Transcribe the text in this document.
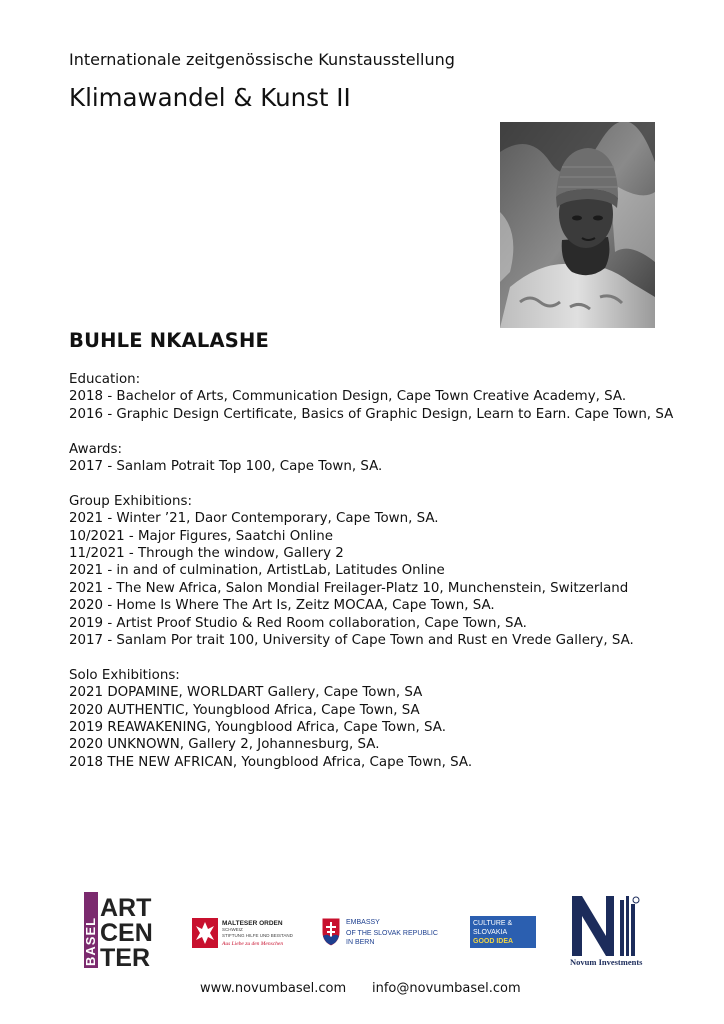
Internationale zeitgenössische Kunstausstellung
Klimawandel & Kunst II
BUHLE NKALASHE
Education:
2018 - Bachelor of Arts, Communication Design, Cape Town Creative Academy, SA.
2016 - Graphic Design Certificate, Basics of Graphic Design, Learn to Earn. Cape Town, SA
Awards:
2017 - Sanlam Potrait Top 100, Cape Town, SA.
Group Exhibitions:
2021 - Winter ’21, Daor Contemporary, Cape Town, SA.
10/2021 - Major Figures, Saatchi Online
11/2021 - Through the window, Gallery 2
2021 - in and of culmination, ArtistLab, Latitudes Online
2021 - The New Africa, Salon Mondial Freilager-Platz 10, Munchenstein, Switzerland
2020 - Home Is Where The Art Is, Zeitz MOCAA, Cape Town, SA.
2019 - Artist Proof Studio & Red Room collaboration, Cape Town, SA.
2017 - Sanlam Por trait 100, University of Cape Town and Rust en Vrede Gallery, SA.
Solo Exhibitions:
2021 DOPAMINE, WORLDART Gallery, Cape Town, SA
2020 AUTHENTIC, Youngblood Africa, Cape Town, SA
2019 REAWAKENING, Youngblood Africa, Cape Town, SA.
2020 UNKNOWN, Gallery 2, Johannesburg, SA.
2018 THE NEW AFRICAN, Youngblood Africa, Cape Town, SA.
BASEL
ART
CEN
TER
MALTESER ORDEN
SCHWEIZ
STIFTUNG HILFE UND BEISTAND
Aus Liebe zu den Menschen
EMBASSY
OF THE SLOVAK REPUBLIC
IN BERN
CULTURE &
SLOVAKIA
GOOD IDEA
Novum Investments
www.novumbasel.com info@novumbasel.com
